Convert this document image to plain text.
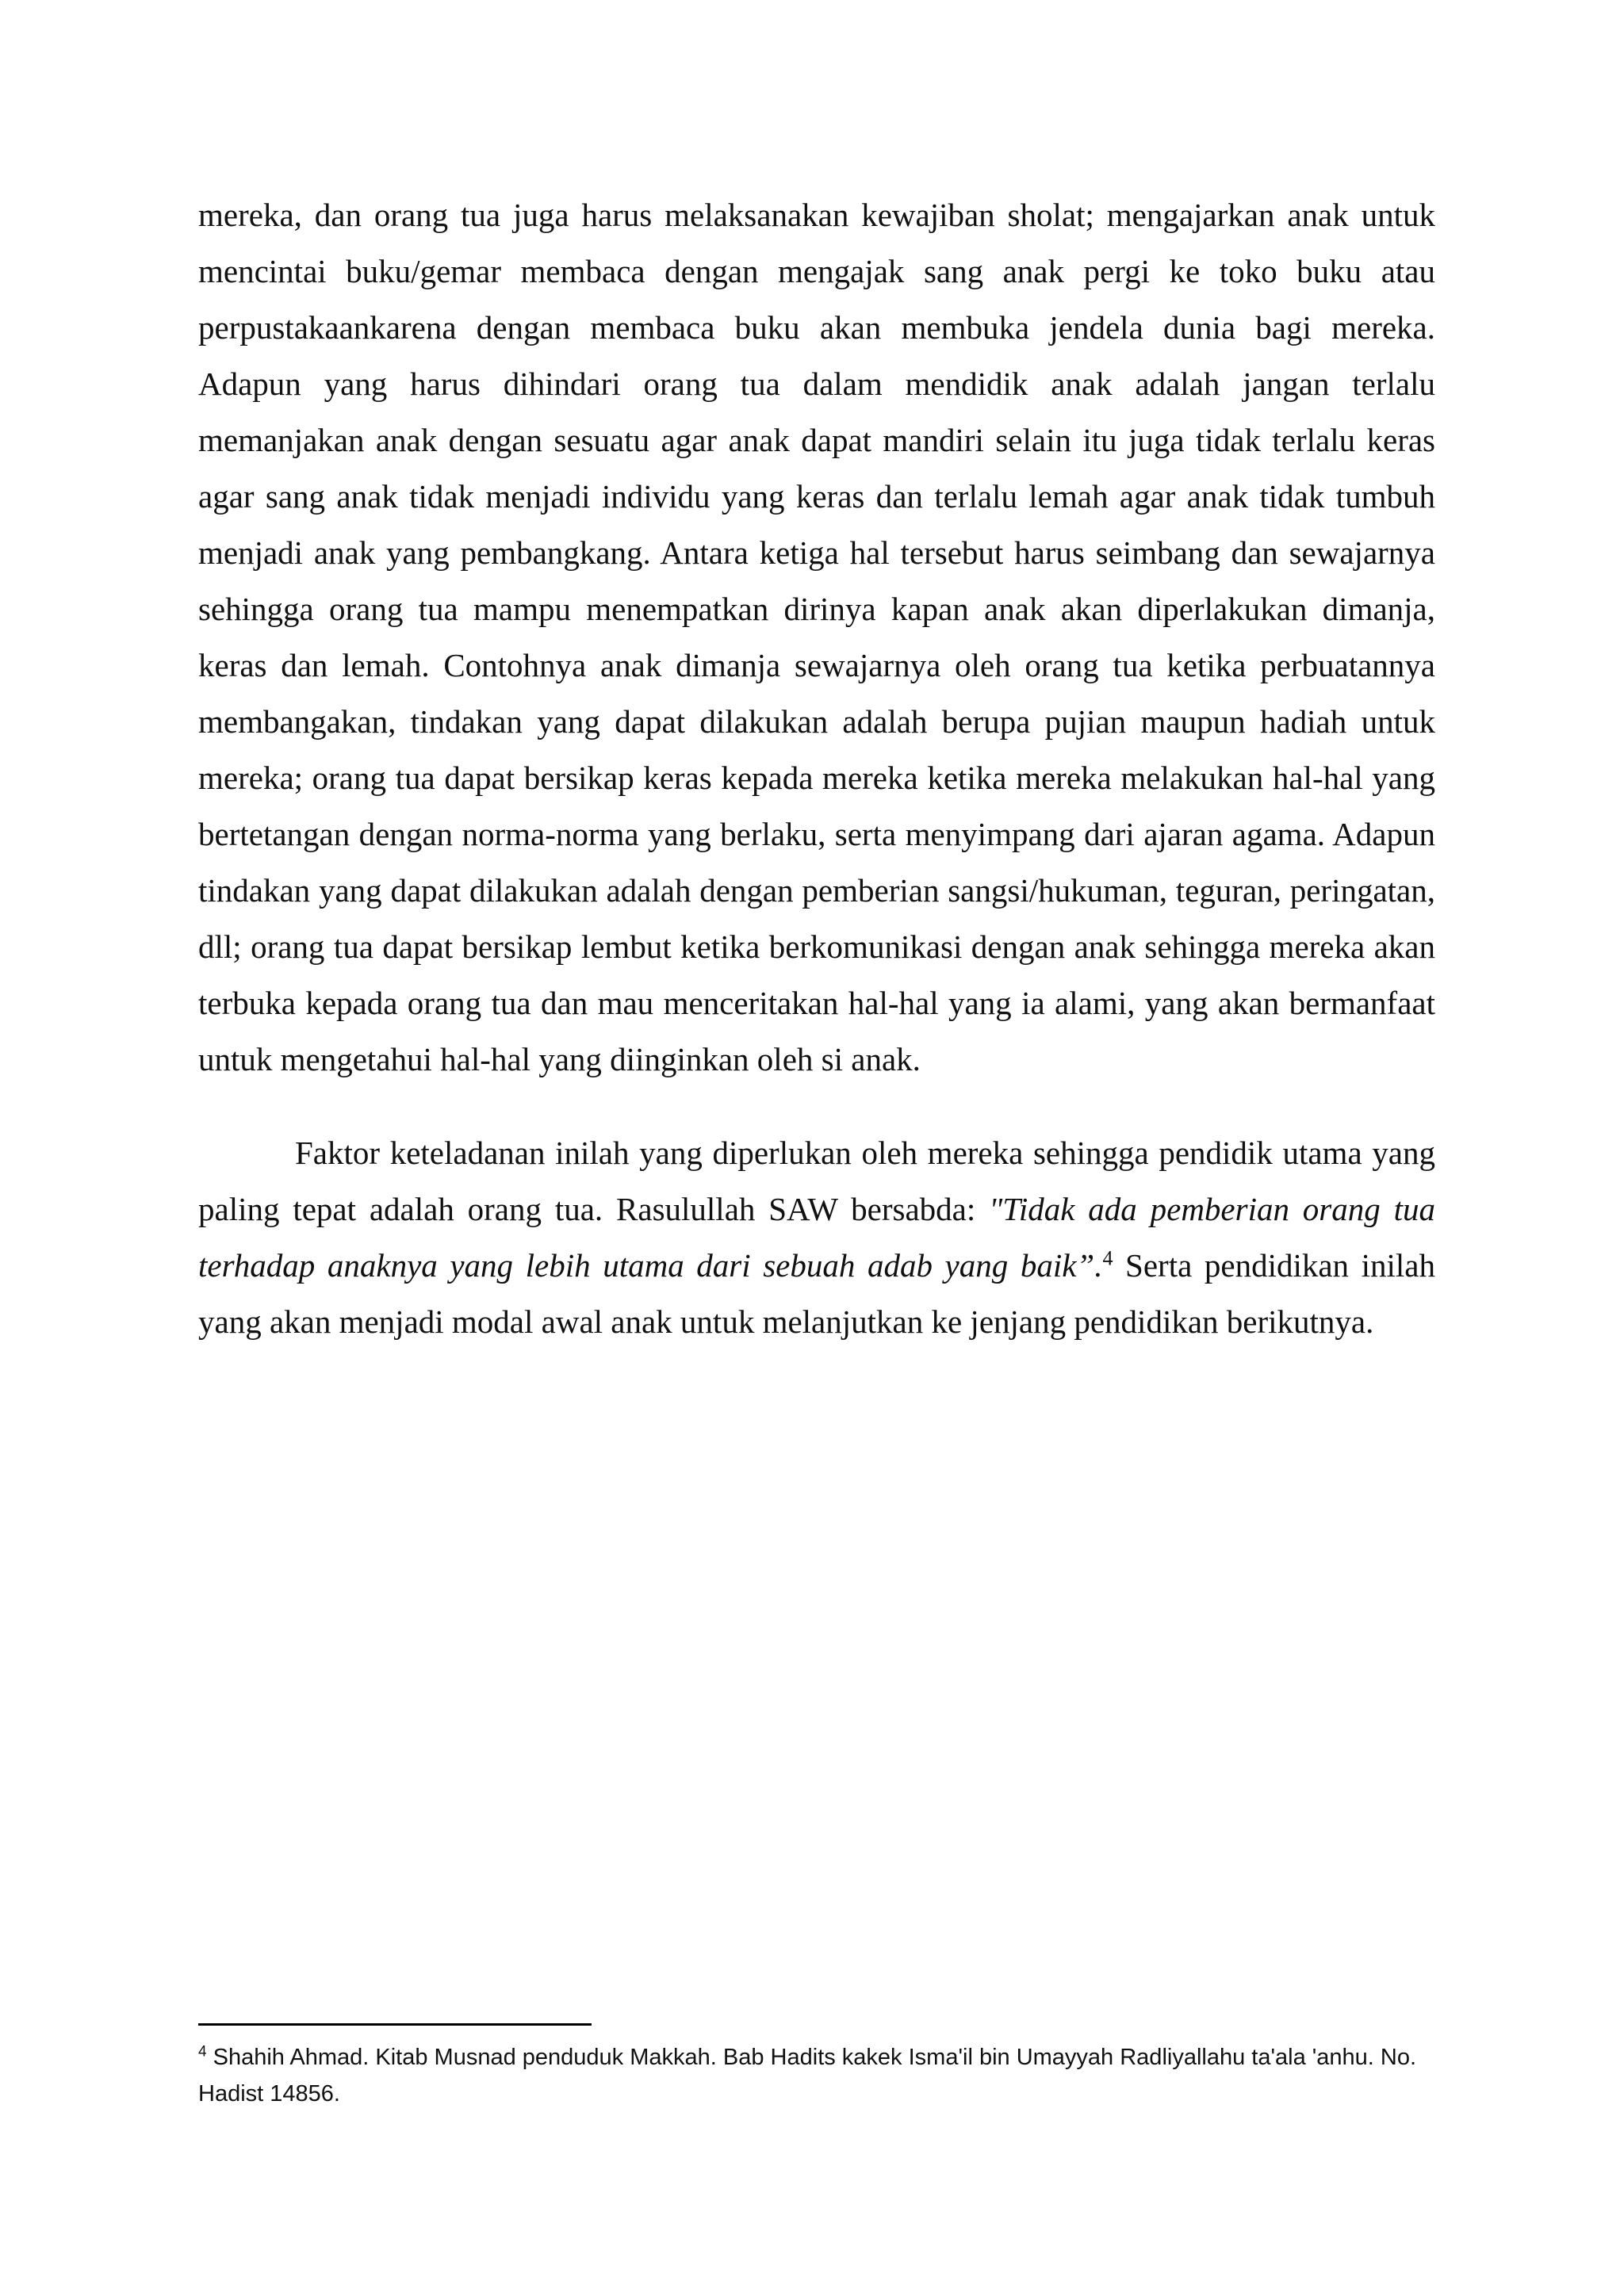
mereka, dan orang tua juga harus melaksanakan kewajiban sholat; mengajarkan anak untuk mencintai buku/gemar membaca dengan mengajak sang anak pergi ke toko buku atau perpustakaankarena dengan membaca buku akan membuka jendela dunia bagi mereka. Adapun yang harus dihindari orang tua dalam mendidik anak adalah jangan terlalu memanjakan anak dengan sesuatu agar anak dapat mandiri selain itu juga tidak terlalu keras agar sang anak tidak menjadi individu yang keras dan terlalu lemah agar anak tidak tumbuh menjadi anak yang pembangkang. Antara ketiga hal tersebut harus seimbang dan sewajarnya sehingga orang tua mampu menempatkan dirinya kapan anak akan diperlakukan dimanja, keras dan lemah. Contohnya anak dimanja sewajarnya oleh orang tua ketika perbuatannya membangakan, tindakan yang dapat dilakukan adalah berupa pujian maupun hadiah untuk mereka; orang tua dapat bersikap keras kepada mereka ketika mereka melakukan hal-hal yang bertetangan dengan norma-norma yang berlaku, serta menyimpang dari ajaran agama. Adapun tindakan yang dapat dilakukan adalah dengan pemberian sangsi/hukuman, teguran, peringatan, dll; orang tua dapat bersikap lembut ketika berkomunikasi dengan anak sehingga mereka akan terbuka kepada orang tua dan mau menceritakan hal-hal yang ia alami, yang akan bermanfaat untuk mengetahui hal-hal yang diinginkan oleh si anak.

Faktor keteladanan inilah yang diperlukan oleh mereka sehingga pendidik utama yang paling tepat adalah orang tua. Rasulullah SAW bersabda: "Tidak ada pemberian orang tua terhadap anaknya yang lebih utama dari sebuah adab yang baik”.$^4$ Serta pendidikan inilah yang akan menjadi modal awal anak untuk melanjutkan ke jenjang pendidikan berikutnya.

$^4$ Shahih Ahmad. Kitab Musnad penduduk Makkah. Bab Hadits kakek Isma'il bin Umayyah Radliyallahu ta'ala 'anhu. No. Hadist 14856.
